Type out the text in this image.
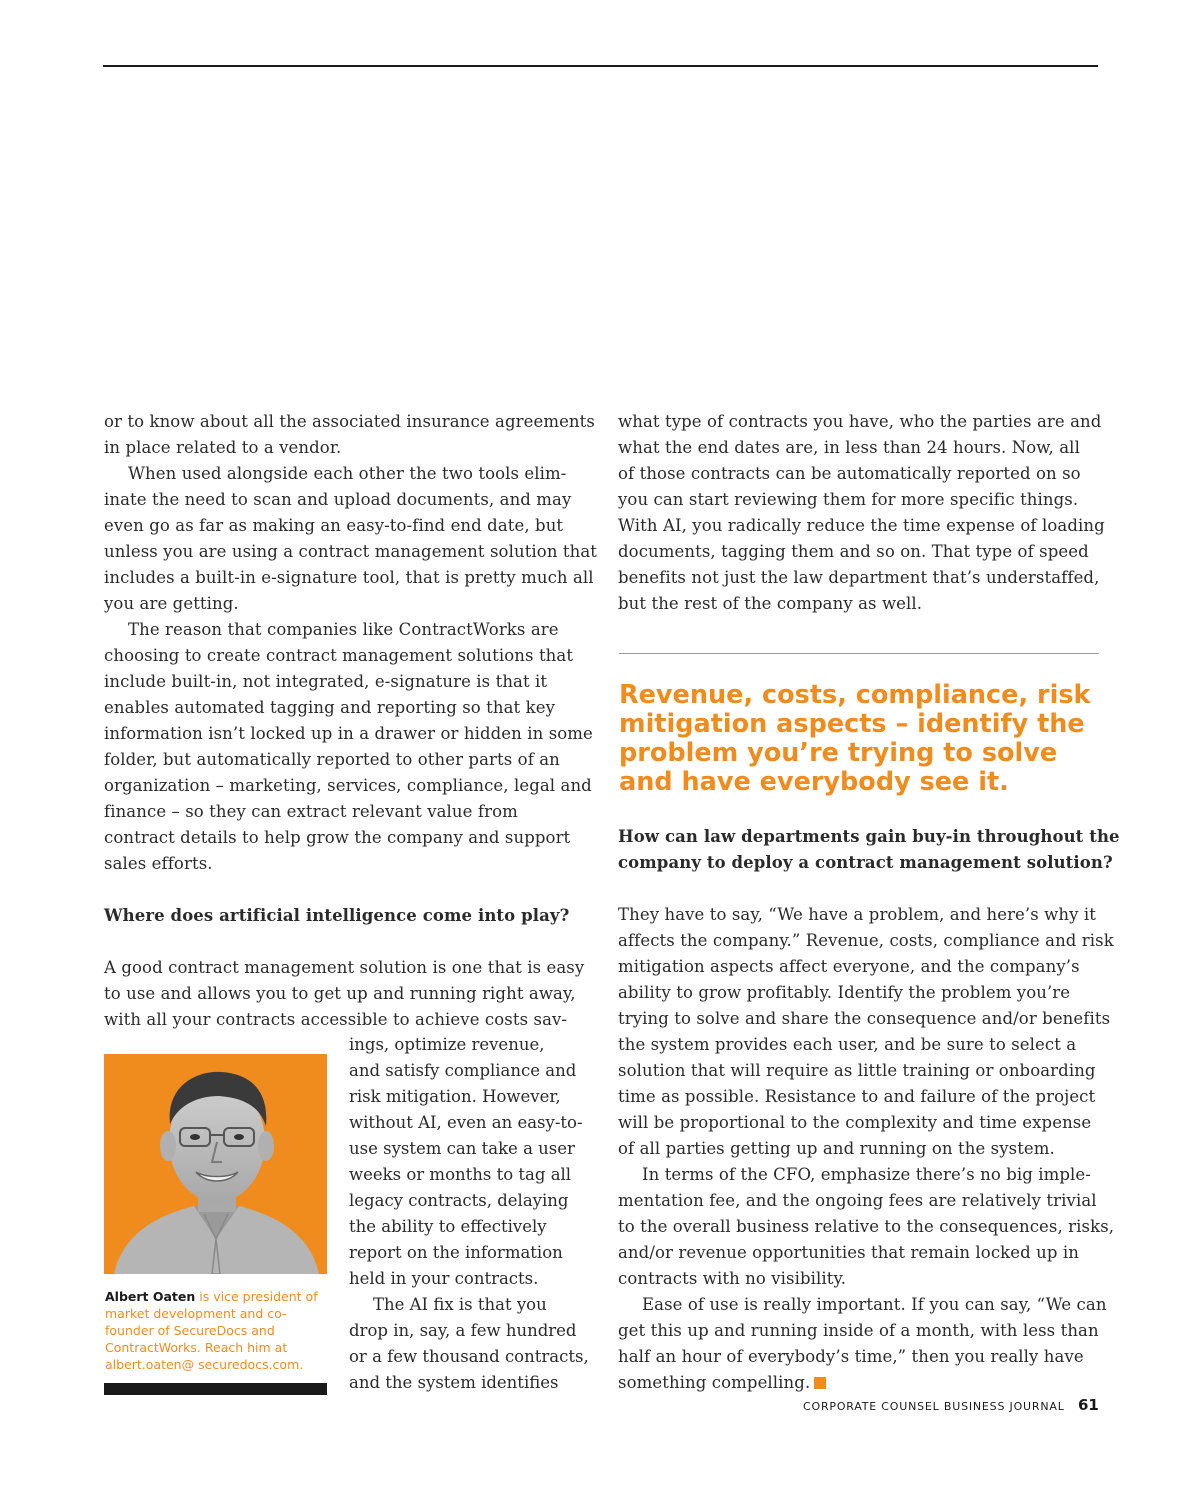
or to know about all the associated insurance agreements
in place related to a vendor.
When used alongside each other the two tools elim-
inate the need to scan and upload documents, and may
even go as far as making an easy-to-find end date, but
unless you are using a contract management solution that
includes a built-in e-signature tool, that is pretty much all
you are getting.
The reason that companies like ContractWorks are
choosing to create contract management solutions that
include built-in, not integrated, e-signature is that it
enables automated tagging and reporting so that key
information isn’t locked up in a drawer or hidden in some
folder, but automatically reported to other parts of an
organization – marketing, services, compliance, legal and
finance – so they can extract relevant value from
contract details to help grow the company and support
sales efforts.
Where does artificial intelligence come into play?
A good contract management solution is one that is easy
to use and allows you to get up and running right away,
with all your contracts accessible to achieve costs sav-
ings, optimize revenue,
and satisfy compliance and
risk mitigation. However,
without AI, even an easy-to-
use system can take a user
weeks or months to tag all
legacy contracts, delaying
the ability to effectively
report on the information
held in your contracts.
The AI fix is that you
drop in, say, a few hundred
or a few thousand contracts,
and the system identifies
Albert Oaten is vice president of market development and co-founder of SecureDocs and ContractWorks. Reach him at albert.oaten@ securedocs.com.
what type of contracts you have, who the parties are and
what the end dates are, in less than 24 hours. Now, all
of those contracts can be automatically reported on so
you can start reviewing them for more specific things.
With AI, you radically reduce the time expense of loading
documents, tagging them and so on. That type of speed
benefits not just the law department that’s understaffed,
but the rest of the company as well.
Revenue, costs, compliance, risk mitigation aspects – identify the problem you’re trying to solve and have everybody see it.
How can law departments gain buy-in throughout the
company to deploy a contract management solution?
They have to say, “We have a problem, and here’s why it
affects the company.” Revenue, costs, compliance and risk
mitigation aspects affect everyone, and the company’s
ability to grow profitably. Identify the problem you’re
trying to solve and share the consequence and/or benefits
the system provides each user, and be sure to select a
solution that will require as little training or onboarding
time as possible. Resistance to and failure of the project
will be proportional to the complexity and time expense
of all parties getting up and running on the system.
In terms of the CFO, emphasize there’s no big imple-
mentation fee, and the ongoing fees are relatively trivial
to the overall business relative to the consequences, risks,
and/or revenue opportunities that remain locked up in
contracts with no visibility.
Ease of use is really important. If you can say, “We can
get this up and running inside of a month, with less than
half an hour of everybody’s time,” then you really have
something compelling.
CORPORATE COUNSEL BUSINESS JOURNAL 61
